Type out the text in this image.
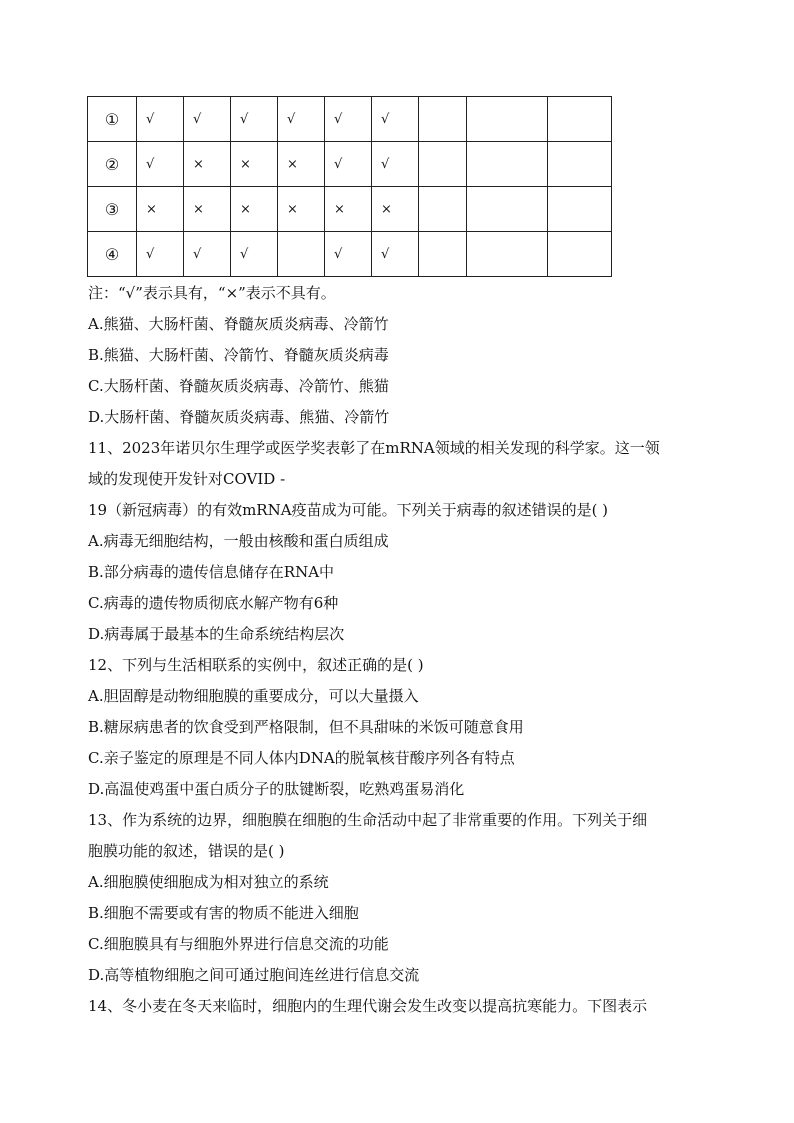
①	√	√	√	√	√	√			
②	√	×	×	×	√	√			
③	×	×	×	×	×	×			
④	√	√	√		√	√			
注：“√”表示具有，“×”表示不具有。
A.熊猫、大肠杆菌、脊髓灰质炎病毒、冷箭竹
B.熊猫、大肠杆菌、冷箭竹、脊髓灰质炎病毒
C.大肠杆菌、脊髓灰质炎病毒、冷箭竹、熊猫
D.大肠杆菌、脊髓灰质炎病毒、熊猫、冷箭竹
11、2023年诺贝尔生理学或医学奖表彰了在mRNA领域的相关发现的科学家。这一领
域的发现使开发针对COVID -
19（新冠病毒）的有效mRNA疫苗成为可能。下列关于病毒的叙述错误的是( )
A.病毒无细胞结构，一般由核酸和蛋白质组成
B.部分病毒的遗传信息储存在RNA中
C.病毒的遗传物质彻底水解产物有6种
D.病毒属于最基本的生命系统结构层次
12、下列与生活相联系的实例中，叙述正确的是( )
A.胆固醇是动物细胞膜的重要成分，可以大量摄入
B.糖尿病患者的饮食受到严格限制，但不具甜味的米饭可随意食用
C.亲子鉴定的原理是不同人体内DNA的脱氧核苷酸序列各有特点
D.高温使鸡蛋中蛋白质分子的肽键断裂，吃熟鸡蛋易消化
13、作为系统的边界，细胞膜在细胞的生命活动中起了非常重要的作用。下列关于细
胞膜功能的叙述，错误的是( )
A.细胞膜使细胞成为相对独立的系统
B.细胞不需要或有害的物质不能进入细胞
C.细胞膜具有与细胞外界进行信息交流的功能
D.高等植物细胞之间可通过胞间连丝进行信息交流
14、冬小麦在冬天来临时，细胞内的生理代谢会发生改变以提高抗寒能力。下图表示
